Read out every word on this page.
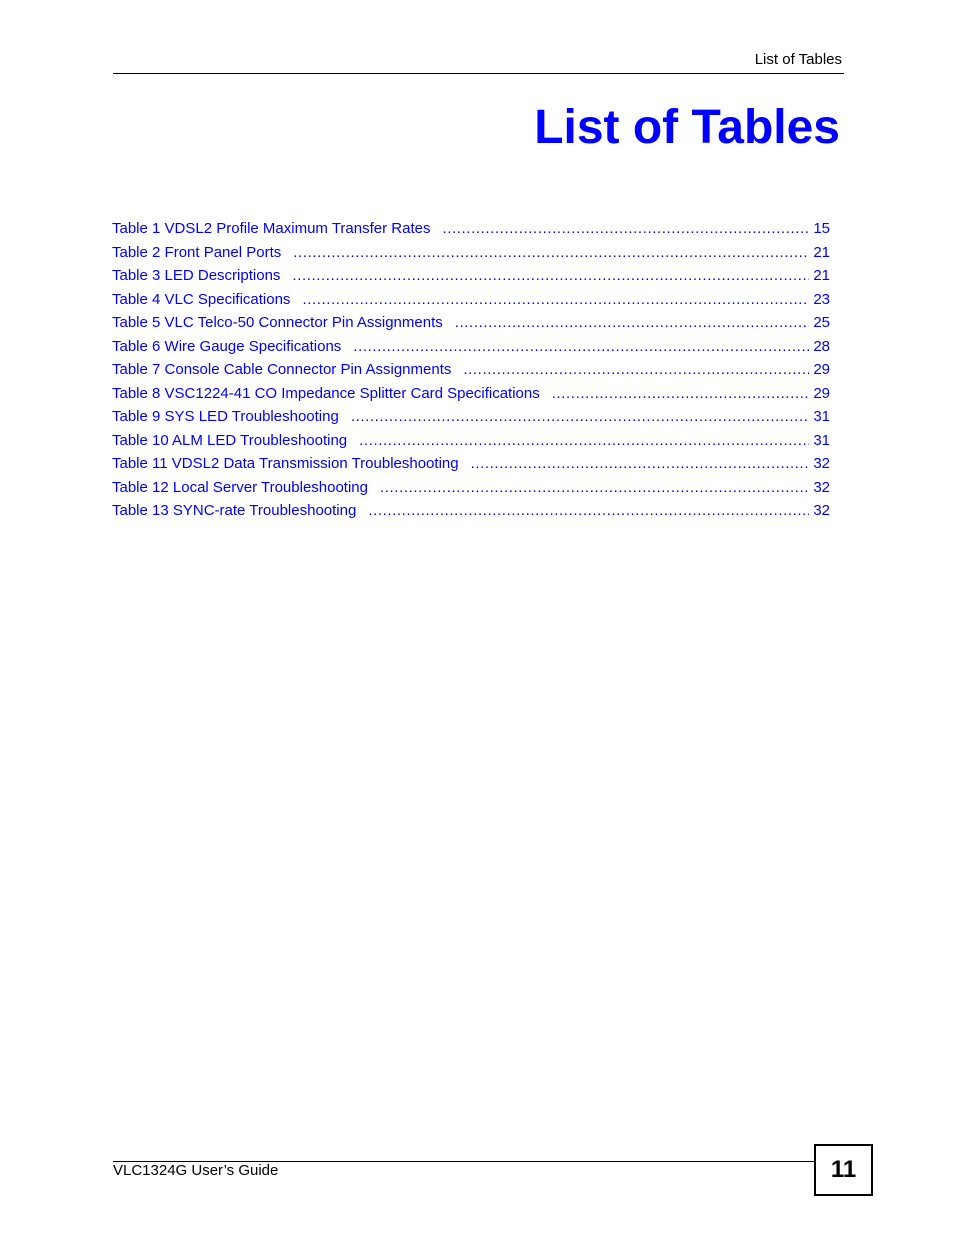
List of Tables
List of Tables
Table 1 VDSL2 Profile Maximum Transfer Rates .....	15
Table 2 Front Panel Ports .....	21
Table 3 LED Descriptions .....	21
Table 4 VLC Specifications .....	23
Table 5 VLC Telco-50 Connector Pin Assignments .....	25
Table 6 Wire Gauge Specifications .....	28
Table 7 Console Cable Connector Pin Assignments .....	29
Table 8 VSC1224-41 CO Impedance Splitter Card Specifications .....	29
Table 9 SYS LED Troubleshooting .....	31
Table 10 ALM LED Troubleshooting .....	31
Table 11 VDSL2 Data Transmission Troubleshooting .....	32
Table 12 Local Server Troubleshooting .....	32
Table 13 SYNC-rate Troubleshooting .....	32
VLC1324G User’s Guide	11
